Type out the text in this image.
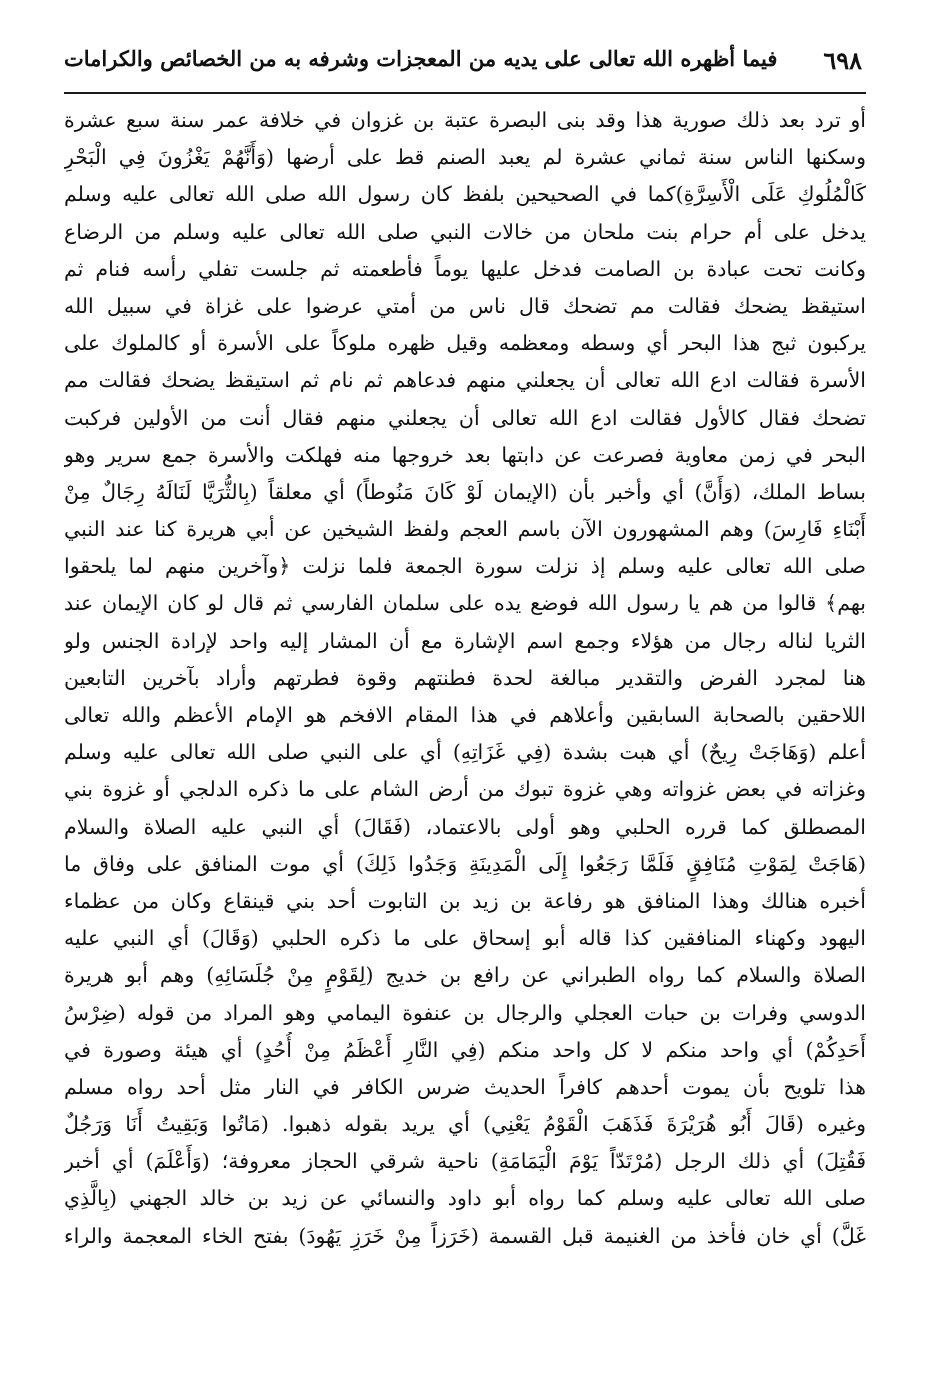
٦٩٨
فيما أظهره الله تعالى على يديه من المعجزات وشرفه به من الخصائص والكرامات
أو ترد بعد ذلك صورية هذا وقد بنى البصرة عتبة بن غزوان في خلافة عمر سنة سبع عشرة
وسكنها الناس سنة ثماني عشرة لم يعبد الصنم قط على أرضها (وَأَنَّهُمْ يَغْزُونَ فِي الْبَحْرِ
كَالْمُلُوكِ عَلَى الْأَسِرَّةِ)كما في الصحيحين بلفظ كان رسول الله صلى الله تعالى عليه وسلم
يدخل على أم حرام بنت ملحان من خالات النبي صلى الله تعالى عليه وسلم من الرضاع
وكانت تحت عبادة بن الصامت فدخل عليها يوماً فأطعمته ثم جلست تفلي رأسه فنام ثم
استيقظ يضحك فقالت مم تضحك قال ناس من أمتي عرضوا على غزاة في سبيل الله
يركبون ثبج هذا البحر أي وسطه ومعظمه وقيل ظهره ملوكاً على الأسرة أو كالملوك على
الأسرة فقالت ادع الله تعالى أن يجعلني منهم فدعاهم ثم نام ثم استيقظ يضحك فقالت مم
تضحك فقال كالأول فقالت ادع الله تعالى أن يجعلني منهم فقال أنت من الأولين فركبت
البحر في زمن معاوية فصرعت عن دابتها بعد خروجها منه فهلكت والأسرة جمع سرير وهو
بساط الملك، (وَأَنَّ) أي وأخبر بأن (الإيمان لَوْ كَانَ مَنُوطاً) أي معلقاً (بِالثُّرَيَّا لَنَالَهُ رِجَالٌ مِنْ
أَبْنَاءِ فَارِسَ) وهم المشهورون الآن باسم العجم ولفظ الشيخين عن أبي هريرة كنا عند النبي
صلى الله تعالى عليه وسلم إذ نزلت سورة الجمعة فلما نزلت ﴿وآخرين منهم لما يلحقوا
بهم﴾ قالوا من هم يا رسول الله فوضع يده على سلمان الفارسي ثم قال لو كان الإيمان عند
الثريا لناله رجال من هؤلاء وجمع اسم الإشارة مع أن المشار إليه واحد لإرادة الجنس ولو
هنا لمجرد الفرض والتقدير مبالغة لحدة فطنتهم وقوة فطرتهم وأراد بآخرين التابعين
اللاحقين بالصحابة السابقين وأعلاهم في هذا المقام الافخم هو الإمام الأعظم والله تعالى
أعلم (وَهَاجَتْ رِيحٌ) أي هبت بشدة (فِي غَزَاتِهِ) أي على النبي صلى الله تعالى عليه وسلم
وغزاته في بعض غزواته وهي غزوة تبوك من أرض الشام على ما ذكره الدلجي أو غزوة بني
المصطلق كما قرره الحلبي وهو أولى بالاعتماد، (فَقَالَ) أي النبي عليه الصلاة والسلام
(هَاجَتْ لِمَوْتِ مُنَافِقٍ فَلَمَّا رَجَعُوا إِلَى الْمَدِينَةِ وَجَدُوا ذَلِكَ) أي موت المنافق على وفاق ما
أخبره هنالك وهذا المنافق هو رفاعة بن زيد بن التابوت أحد بني قينقاع وكان من عظماء
اليهود وكهناء المنافقين كذا قاله أبو إسحاق على ما ذكره الحلبي (وَقَالَ) أي النبي عليه
الصلاة والسلام كما رواه الطبراني عن رافع بن خديج (لِقَوْمٍ مِنْ جُلَسَائِهِ) وهم أبو هريرة
الدوسي وفرات بن حبات العجلي والرجال بن عنفوة اليمامي وهو المراد من قوله (ضِرْسُ
أَحَدِكُمْ) أي واحد منكم لا كل واحد منكم (فِي النَّارِ أَعْظَمُ مِنْ أُحُدٍ) أي هيئة وصورة في
هذا تلويح بأن يموت أحدهم كافراً الحديث ضرس الكافر في النار مثل أحد رواه مسلم
وغيره (قَالَ أَبُو هُرَيْرَةَ فَذَهَبَ الْقَوْمُ يَعْنِي) أي يريد بقوله ذهبوا. (مَاتُوا وَبَقِيتُ أَنَا وَرَجُلٌ
فَقُتِلَ) أي ذلك الرجل (مُرْتَدّاً يَوْمَ الْيَمَامَةِ) ناحية شرقي الحجاز معروفة؛ (وَأَعْلَمَ) أي أخبر
صلى الله تعالى عليه وسلم كما رواه أبو داود والنسائي عن زيد بن خالد الجهني (بِالَّذِي
غَلَّ) أي خان فأخذ من الغنيمة قبل القسمة (خَرَزاً مِنْ خَرَزِ يَهُودَ) بفتح الخاء المعجمة والراء
